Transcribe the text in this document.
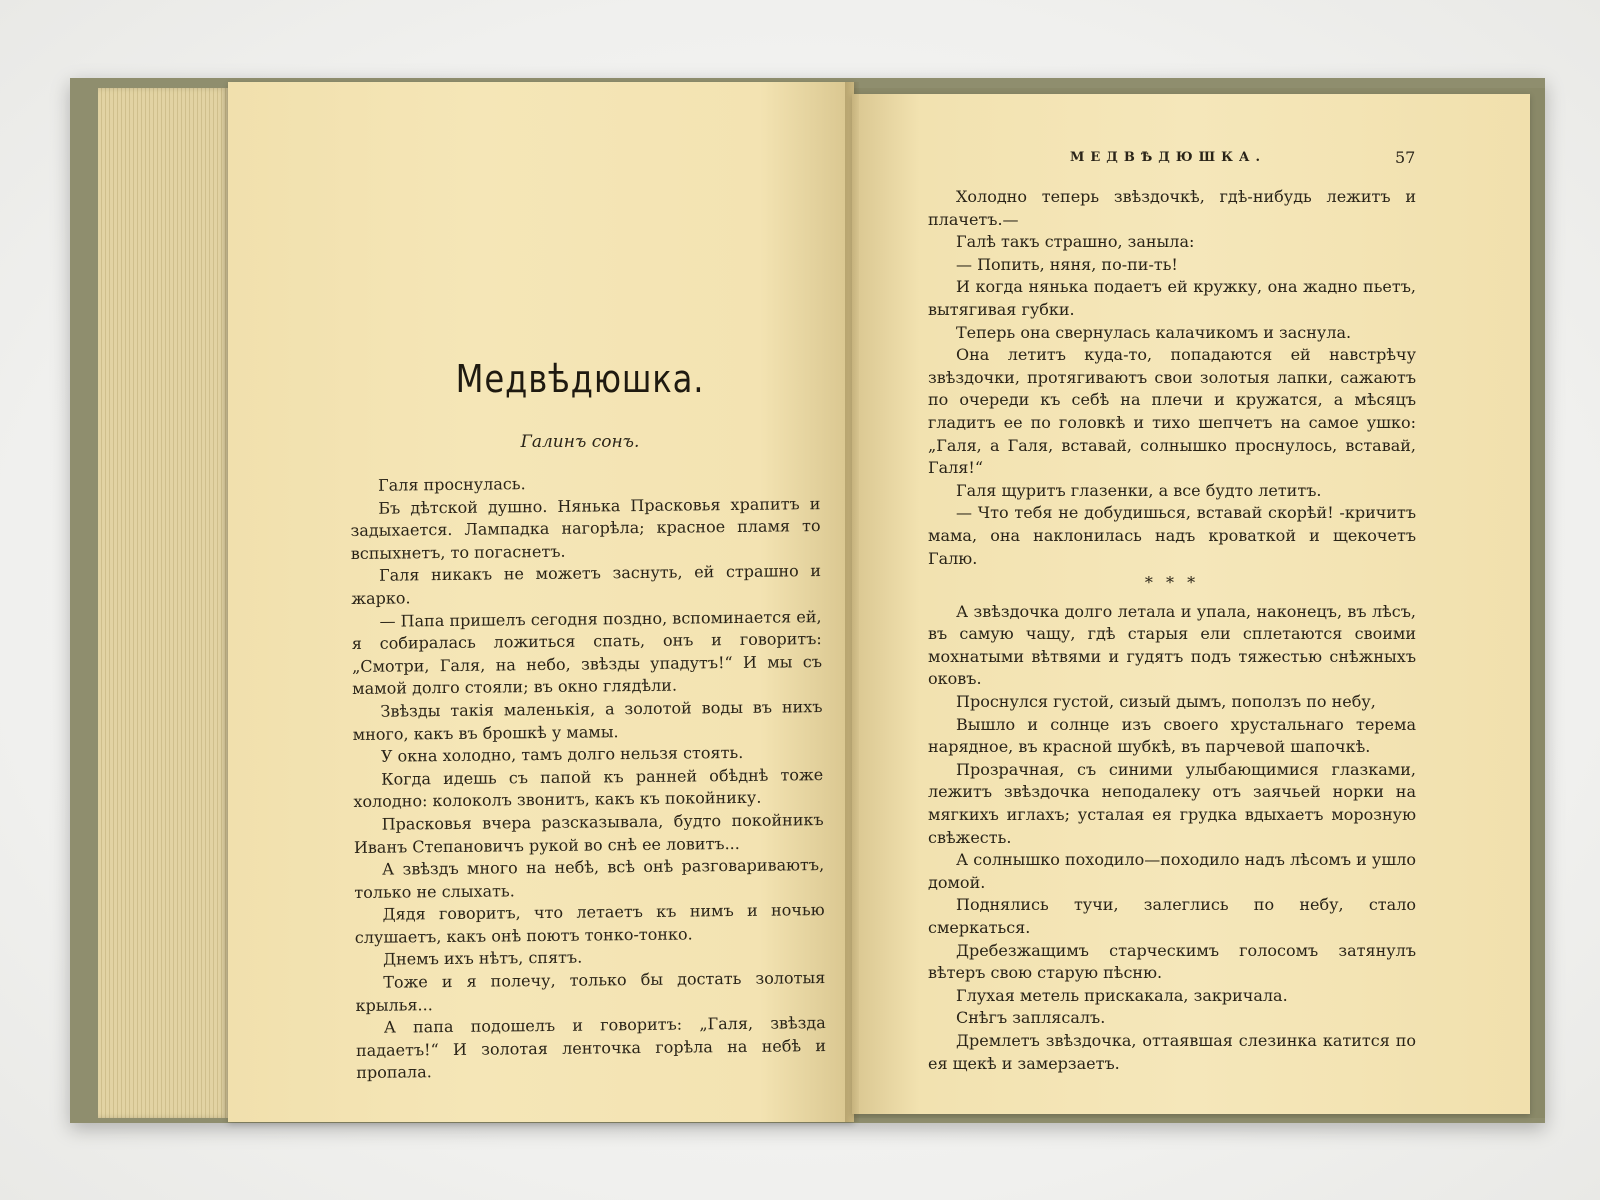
Медвѣдюшка.
Галинъ сонъ.

Галя проснулась.

Бъ дѣтской душно. Нянька Прасковья храпитъ и задыхается. Лампадка нагорѣла; красное пламя то вспыхнетъ, то погаснетъ.

Галя никакъ не можетъ заснуть, ей страшно и жарко.

— Папа пришелъ сегодня поздно, вспоминается ей, я собиралась ложиться спать, онъ и говоритъ: „Смотри, Галя, на небо, звѣзды упадутъ!“ И мы съ мамой долго стояли; въ окно глядѣли.

Звѣзды такія маленькія, а золотой воды въ нихъ много, какъ въ брошкѣ у мамы.

У окна холодно, тамъ долго нельзя стоять.

Когда идешь съ папой къ ранней обѣднѣ тоже холодно: колоколъ звонитъ, какъ къ покойнику.

Прасковья вчера разсказывала, будто покойникъ Иванъ Степановичъ рукой во снѣ ее ловитъ...

А звѣздъ много на небѣ, всѣ онѣ разговариваютъ, только не слыхать.

Дядя говоритъ, что летаетъ къ нимъ и ночью слушаетъ, какъ онѣ поютъ тонко-тонко.

Днемъ ихъ нѣтъ, спятъ.

Тоже и я полечу, только бы достать золотыя крылья...

А папа подошелъ и говоритъ: „Галя, звѣзда падаетъ!“ И золотая ленточка горѣла на небѣ и пропала.

МЕДВѢДЮШКА.	57

Холодно теперь звѣздочкѣ, гдѣ-нибудь лежитъ и плачетъ.—

Галѣ такъ страшно, заныла:

— Попить, няня, по-пи-ть!

И когда нянька подаетъ ей кружку, она жадно пьетъ, вытягивая губки.

Теперь она свернулась калачикомъ и заснула.

Она летитъ куда-то, попадаются ей навстрѣчу звѣздочки, протягиваютъ свои золотыя лапки, сажаютъ по очереди къ себѣ на плечи и кружатся, а мѣсяцъ гладитъ ее по головкѣ и тихо шепчетъ на самое ушко: „Галя, а Галя, вставай, солнышко проснулось, вставай, Галя!“

Галя щуритъ глазенки, а все будто летитъ.

— Что тебя не добудишься, вставай скорѣй! -кричитъ мама, она наклонилась надъ кроваткой и щекочетъ Галю.

* * *

А звѣздочка долго летала и упала, наконецъ, въ лѣсъ, въ самую чащу, гдѣ старыя ели сплетаются своими мохнатыми вѣтвями и гудятъ подъ тяжестью снѣжныхъ оковъ.

Проснулся густой, сизый дымъ, поползъ по небу,

Вышло и солнце изъ своего хрустальнаго терема нарядное, въ красной шубкѣ, въ парчевой шапочкѣ.

Прозрачная, съ синими улыбающимися глазками, лежитъ звѣздочка неподалеку отъ заячьей норки на мягкихъ иглахъ; усталая ея грудка вдыхаетъ морозную свѣжесть.

А солнышко походило—походило надъ лѣсомъ и ушло домой.

Поднялись тучи, залеглись по небу, стало смеркаться.

Дребезжащимъ старческимъ голосомъ затянулъ вѣтеръ свою старую пѣсню.

Глухая метель прискакала, закричала.

Снѣгъ заплясалъ.

Дремлетъ звѣздочка, оттаявшая слезинка катится по ея щекѣ и замерзаетъ.
